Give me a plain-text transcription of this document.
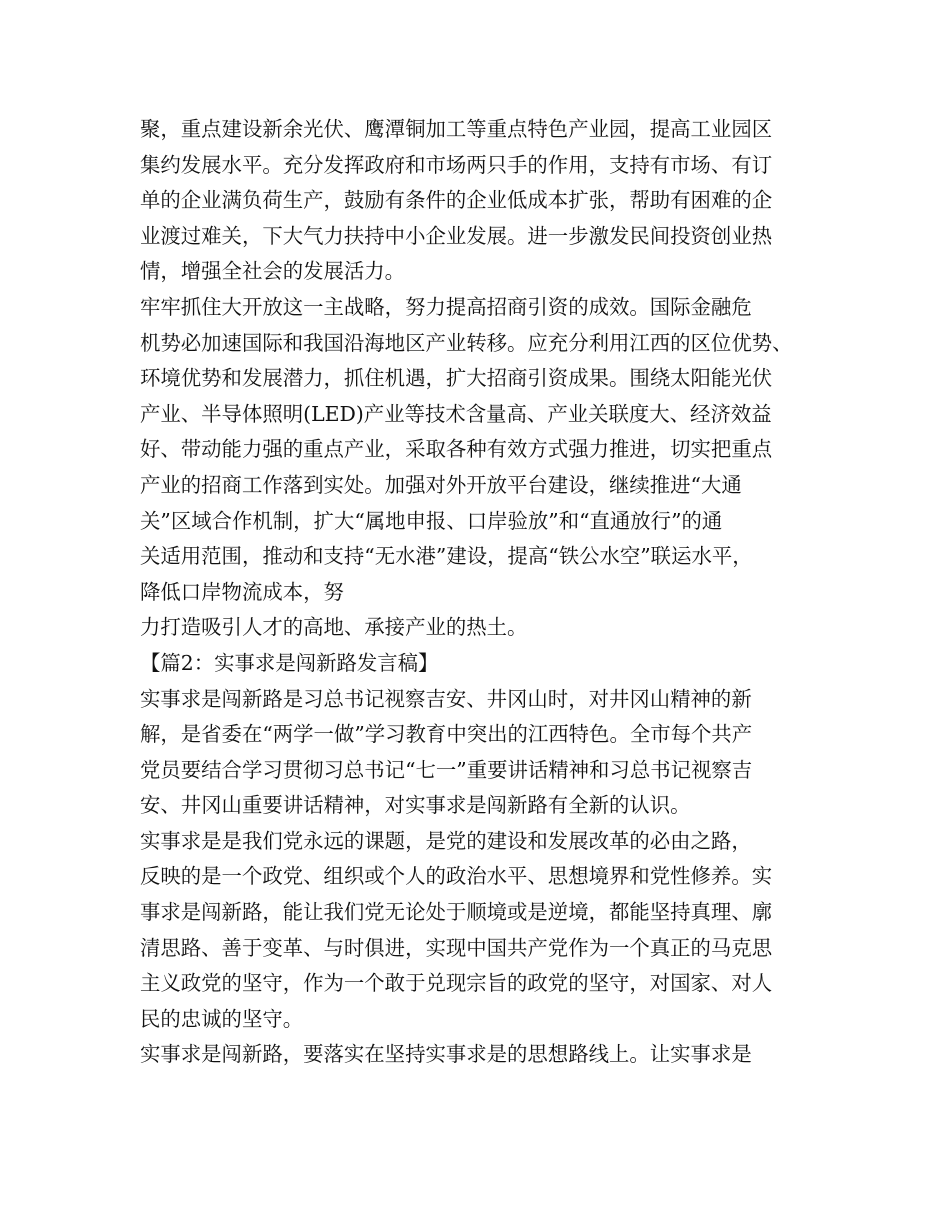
聚，重点建设新余光伏、鹰潭铜加工等重点特色产业园，提高工业园区
集约发展水平。充分发挥政府和市场两只手的作用，支持有市场、有订
单的企业满负荷生产，鼓励有条件的企业低成本扩张，帮助有困难的企
业渡过难关，下大气力扶持中小企业发展。进一步激发民间投资创业热
情，增强全社会的发展活力。
牢牢抓住大开放这一主战略，努力提高招商引资的成效。国际金融危
机势必加速国际和我国沿海地区产业转移。应充分利用江西的区位优势、
环境优势和发展潜力，抓住机遇，扩大招商引资成果。围绕太阳能光伏
产业、半导体照明(LED)产业等技术含量高、产业关联度大、经济效益
好、带动能力强的重点产业，采取各种有效方式强力推进，切实把重点
产业的招商工作落到实处。加强对外开放平台建设，继续推进“大通
关”区域合作机制，扩大“属地申报、口岸验放”和“直通放行”的通
关适用范围，推动和支持“无水港”建设，提高“铁公水空”联运水平，
降低口岸物流成本，努
力打造吸引人才的高地、承接产业的热土。
【篇2：实事求是闯新路发言稿】
实事求是闯新路是习总书记视察吉安、井冈山时，对井冈山精神的新
解，是省委在“两学一做”学习教育中突出的江西特色。全市每个共产
党员要结合学习贯彻习总书记“七一”重要讲话精神和习总书记视察吉
安、井冈山重要讲话精神，对实事求是闯新路有全新的认识。
实事求是是我们党永远的课题，是党的建设和发展改革的必由之路，
反映的是一个政党、组织或个人的政治水平、思想境界和党性修养。实
事求是闯新路，能让我们党无论处于顺境或是逆境，都能坚持真理、廓
清思路、善于变革、与时俱进，实现中国共产党作为一个真正的马克思
主义政党的坚守，作为一个敢于兑现宗旨的政党的坚守，对国家、对人
民的忠诚的坚守。
实事求是闯新路，要落实在坚持实事求是的思想路线上。让实事求是
